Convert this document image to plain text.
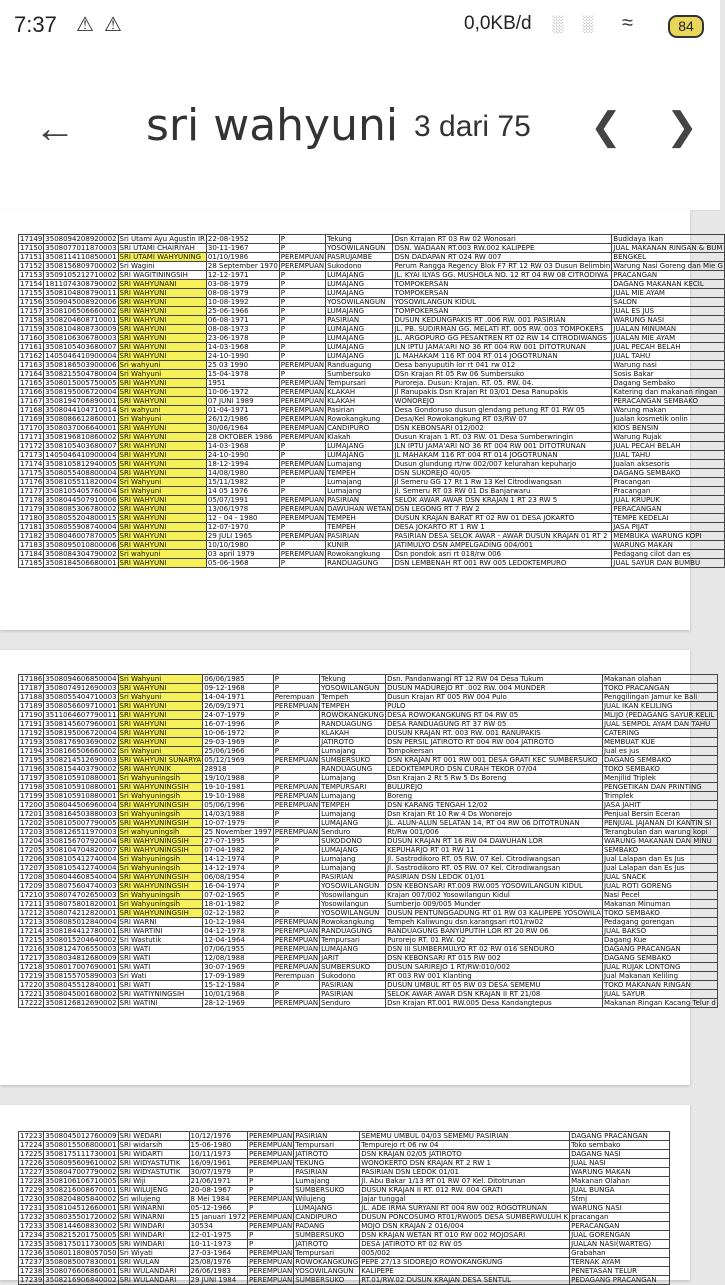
7:37 ⚠ ⚠	0,0KB/d ░ ░ ≈	84
← sri wahyuni 3 dari 75 ❮ ❯
17149	3508094208920002	Sri Utami Ayu Agustin IR	22-08-1952	P	Tekung	Dsn Krrajan RT 03 Rw 02 Wonosari	Budidaya Ikan
17150	3508077011870003	SRI UTAMI CHAIRIYAH	30-11-1967	P	YOSOWILANGUN	DSN. WADAAN RT.003 RW.002 KALIPEPE	JUAL MAKANAN RINGAN & BUM
17151	3508114110850001	SRI UTAMI WAHYUNING	01/10/1986	PEREMPUAN	PASRUJAMBE	DSN DADAPAN RT 024 RW 007	BENGKEL
17152	3508156809700002	Sri Wagini	28 September 1970	PEREMPUAN	Sukodono	Perum Rangga Regency Blok F7 RT 12 RW 03 Dusun Belimbin	Warung Nasi Goreng dan Mie G
17153	3509105212710002	SRI WAGITININGSIH	12-12-1971	P	LUMAJANG	JL. KYAI ILYAS GG. MUSHOLA NO. 12 RT 04 RW 08 CITRODIWA	PRACANGAN
17154	1811074308790002	SRI WAHYUNANI	03-08-1979	P	LUMAJANG	TOMPOKERSAN	DAGANG MAKANAN KECIL
17155	3508104808790011	SRI WAHYUNI	08-08-1979	P	LUMAJANG	TOMPOKERSAN	JUAL MIE AYAM
17156	3509045008920006	SRI WAHYUNI	10-08-1992	P	YOSOWILANGUN	YOSOWILANGUN KIDUL	SALON
17157	3508106506660002	SRI WAHYUNI	25-06-1966	P	LUMAJANG	TOMPOKERSAN	JUAL ES JUS
17158	3508204608710001	SRI WAHYUNI	06-08-1971	P	PASIRIAN	DUSUN KEDUNGPAKIS RT .006 RW. 001 PASIRIAN	WARUNG NASI
17159	3508104808730009	SRI WAHYUNI	08-08-1973	P	LUMAJANG	JL. PB. SUDIRMAN GG. MELATI RT. 005 RW. 003 TOMPOKERS	JUALAN MINUMAN
17160	3508106306780003	SRI WAHYUNI	23-06-1978	P	LUMAJANG	JL. ARGOPURO GG PESANTREN RT 02 RW 14 CITRODIWANGS	JUALAN MIE AYAM
17161	3508105403680007	SRI WAHYUNI	14-03-1968	P	LUMAJANG	JLN IPTU JAMA'ARI NO 36 RT 004 RW 001 DITOTRUNAN	JUAL PECAH BELAH
17162	1405046410900004	SRI WAHYUNI	24-10-1990	P	LUMAJANG	JL MAHAKAM 116 RT 004 RT 014 JOGOTRUNAN	JUAL TAHU
17163	3508186503900006	Sri wahyuni	25 03 1990	PEREMPUAN	Randuagung	Desa banyuputih lor rt 041 rw 012	Warung nasi
17164	3508215504780004	Sri Wahyuni	15-04-1978	P	Sumbersuko	DSn Krajan Rt 05 Rw 06 Sumbersuko	Sosis Bakar
17165	3508015005750005	SRI WAHYUNI	1951	PEREMPUAN	Tempursari	Puroreja. Dusun: Krajan. RT. 05. RW. 04.	Dagang Sembako
17166	3508195006720004	SRI WAHYUNI	10-06-1972	PEREMPUAN	KLAKAH	Jl Ranupakis Dsn Krajan Rt 03/01 Desa Ranupakis	Katering dan makanan ringan
17167	3508194706890001	SRI WAHYUNI	07 JUNI 1989	PEREMPUAN	KLAKAH	WONOREJO	PERACANGAN SEMBAKO
17168	3508044104710014	Sri wahyuni	01-04-1971	PEREMPUAN	Pasirian	Desa Gondoruso dusun glendang petung RT 01 RW 05	Warung makan
17169	3508086612860001	Sri Wahyuni	26/12/1986	PEREMPUAN	Rowokangkung	Desa/Kel Rowokangkung RT 03/RW 07	Jualan kosmetik onlin
17170	3508037006640001	SRI WAHYUNI	30/06/1964	PEREMPUAN	CANDIPURO	DSN KEBONSARI 012/002	KIOS BENSIN
17171	3508196810860002	SRI WAHYUNI	28 OKTOBER 1986	PEREMPUAN	Klakah	Dusun Krajan 1 RT. 03 RW. 01 Desa Sumberwringin	Warung Rujak
17172	3508105403680007	SRI WAHYUNI	14-03-1968	P	LUMAJANG	JLN IPTU JAMA'ARI NO 36 RT 004 RW 001 DITOTRUNAN	JUAL PECAH BELAH
17173	1405046410900004	SRI WAHYUNI	24-10-1990	P	LUMAJANG	JL MAHAKAM 116 RT 004 RT 014 JOGOTRUNAN	JUAL TAHU
17174	3508105812940005	SRI WAHYUNI	18-12-1994	PEREMPUAN	Lumajang	Dusun glundung rt/rw 002/007 kelurahan kepuharjo	Jualan aksesoris
17175	3508055408800004	SRI WAHYUNI	14/08/1980	PEREMPUAN	TEMPEH	DSN SUKOREJO 40/05	DAGANG SEMBAKO
17176	3508105511820004	Sri Wahyuni	15/11/1982	P	Lumajang	Jl Semeru GG 17 Rt 1 Rw 13 Kel Citrodiwangsan	Pracangan
17177	3508105405760004	Sri Wahyuni	14 05 1976	P	Lumajang	Jl. Semeru RT 03 RW 01 Ds Banjarwaru	Pracangan
17178	3508044507910006	SRI WAHYUNI	05/07/1991	PEREMPUAN	PASIRIAN	SELOK AWAR AWAR DSN KRAJAN 1 RT 23 RW 5	JUAL KRUPUK
17179	3508085306780002	SRI WAHYUNI	13/06/1978	PEREMPUAN	DAWUHAN WETAN	DSN LEGONG RT 7 RW 2	PERACANGAN
17180	3508055204800015	SRI WAHYUNI	12 - 04 - 1980	PEREMPUAN	TEMPEH	DUSUN KRAJAN BARAT RT 02 RW 01 DESA JOKARTO	TEMPE KEDELAI
17181	3508055908740004	SRI WAHYUNI	12-07-1970	P	TEMPEH	DESA JOKARTO RT 1 RW 1	JASA PIJAT
17182	3508046007870005	SRI WAHYUNI	29 JULI 1965	PEREMPUAN	PASIRIAN	PASIRIAN DESA SELOK AWAR - AWAR DUSUN KRAJAN 01 RT 2	MEMBUKA WARUNG KOPI
17183	3508095010800006	SRI WAHYUNI	10/10/1980	P	KUNIR	JATIMULYO DSN AMPELGADING 004/001	WARUNG MAKAN
17184	3508084304790002	Sri wahyuni	03 april 1979	PEREMPUAN	Rowokangkung	Dsn pondok asri rt 018/rw 006	Pedagang cilot dan es
17185	3508184506680001	SRI WAHYUNI	05-06-1968	P	RANDUAGUNG	DSN LEMBENAH RT 001 RW 005 LEDOKTEMPURO	JUAL SAYUR DAN BUMBU
17186	3508094606850004	Sri Wahyuni	06/06/1985	P	Tekung	Dsn. Pandanwangi RT 12 RW 04 Desa Tukum	Makanan olahan
17187	3508074912690003	SRI WAHYUNI	09-12-1968	P	YOSOWILANGUN	DUSUN MADUREJO RT .002 RW. 004 MUNDER	TOKO PRACANGAN
17188	3508055404710003	Sri Wahyuni	14-04-1971	Perempuan	Tempeh	Dusun Krajan RT 005 RW 004 Pulo	Penggilingan Jamur ke Bali
17189	3508056609710001	SRI WAHYUNI	26/09/1971	PEREMPUAN	TEMPEH	PULO	JUAL IKAN KELILING
17190	3511064607790011	SRI WAHYUNI	24-07-1979	P	ROWOKANGKUNG	DESA ROWOKANGKUNG RT 04 RW 05	MLIJO (PEDAGANG SAYUR KELIL
17191	3508145607960001	SRI WAHYUNI	16-07-1996	P	RANDUAGUNG	DESA RANDUAGUNG RT 37 RW 05	JUAL SEMPOL AYAM DAN TAHU
17192	3508195006720004	SRI WAHYUNI	10-06-1972	P	KLAKAH	DUSUN KRAJAN RT. 003 RW. 001 RANUPAKIS	CATERING
17193	3508176903690002	SRI WAHYUNI	29-03-1969	P	JATIROTO	DSN PERSIL JATIROTO RT 004 RW 004 JATIROTO	MEMBUAT KUE
17194	3508166506660002	Sri Wahyuni	25/06/1966	P	Lumajang	Tompokersan	Jual es jus
17195	3508214512690003	SRI WAHYUNI SUNARYA	05/12/1969	PEREMPUAN	SUMBERSUKO	DSN KRAJAN RT 001 RW 001 DESA GRATI KEC SUMBERSUKO	DAGANG SEMBAKO
17196	3508154403790002	SRI WAHYUNIK	28918	P	RANDUAGUNG	LEDOKTEMPURO DSN CURAH TEKOR 07/04	TOKO SEMBAKO
17197	3508105910880001	Sri Wahyuningsih	19/10/1988	P	Lumajang	Dsn Krajan 2 Rt 5 Rw 5 Ds Boreng	Menjilid Triplek
17198	3508105910880001	SRI WAHYUNINGSIH	19-10-1981	PEREMPUAN	TEMPURSARI	BULUREJO	PENGETIKAN DAN PRINTING
17199	3508105910880001	Sri Wahyuningsih	19-10-1988	PEREMPUAN	Lumajang	Boreng	Trimplek
17200	3508044506960004	SRI WAHYUNINGSIH	05/06/1996	PEREMPUAN	TEMPEH	DSN KARANG TENGAH 12/02	JASA JAHIT
17201	3508164503880003	Sri Wahyuningsih	14/03/1988	P	Lumajang	Dsn Krajan Rt 10 Rw 4 Ds Wonorejo	Penjual Bersin Eceran
17202	3508105007790005	SRI WAHYUNINGSIH	10-07-1979	P	LUMAJANG	JL. ALUN-ALUN SELATAN 14, RT 04 RW 06 DITOTRUNAN	PENJUAL JAJANAN DI KANTIN SI
17203	3508126511970003	Sri wahyuningsih	25 November 1997	PEREMPUAN	Senduro	Rt/Rw 001/006	Terangbulan dan warung kopi
17204	3508156707920004	SRI WAHYUNINGSIH	27-07-1995	P	SUKODONO	DUSUN KRAJAN RT 16 RW 04 DAWUHAN LOR	WARUNG MAKANAN DAN MINU
17205	3508104704820007	SRI WAHYUNINGSIH	07-04-1982	P	LUMAJANG	KEPUHARJO RT 01 RW 11	SEMBAKO
17206	3508105412740004	Sri Wahyuningsih	14-12-1974	P	Lumajang	Jl. Sastrodikoro RT. 05 RW. 07 Kel. Citrodiwangsan	Jual Lalapan dan Es Jus
17207	3508105412740004	Sri Wahyuningsih	14-12-1974	P	Lumajang	Jl. Sastrodikoro RT. 05 RW. 07 Kel. Citrodiwangsan	Jual Lalapan dan Es Jus
17208	3508044608540004	SRI WAHYUNINGSIH	06/08/1954	P	PASIRIAN	PASIRIAN DSN LEDOK 01/01	JUAL SNACK
17209	3508075604740003	SRI WAHYUNINGSIH	16-04-1974	P	YOSOWILANGUN	DSN KEBONSARI RT.009 RW.005 YOSOWILANGUN KIDUL	JUAL ROTI GORENG
17210	3508074702650003	Sri Wahyuningsih	07-02-1965	P	Yosowilangun	Krajan 007/002 Yosowilangun Kidul	Nasi Pecel
17211	3508075801820001	Sri Wahyuningsih	18-01-1982	P	Yosowilangun	Sumberjo 009/005 Munder	Makanan Minuman
17212	3508074212820001	SRI WAHYUNINGSIH	02-12-1982	P	YOSOWILANGUN	DUSUN PENTUNGGADUNG RT 01 RW 03 KALIPEPE YOSOWILA	TOKO SEMBAKO
17213	3508085012840004	SRI WARNI	10-12-1984	PEREMPUAN	Rowokangkung	Tempeh Kaliwungu dsn.karangsari rt01/rw02	Pedagang gorengan
17214	3508184412780001	SRI WARTINI	04-12-1978	PEREMPUAN	RANDUAGUNG	RANDUAGUNG BANYUPUTIH LOR RT 20 RW 06	JUAL BAKSO
17215	3508015204640002	Sri Wastutik	12-04-1964	PEREMPUAN	Tempursari	Purorejo RT. 01 RW. 02	Dagang Kue
17216	3508124706550003	SRI WATI	07/06/1955	PEREMPUAN	LUMAJANG	DSN III SUMBERMULYO RT 02 RW 016 SENDURO	DAGANG PRACANGAN
17217	3508034812680009	SRI WATI	12/08/1988	PEREMPUAN	JARIT	DSN KEBONSARI RT 015 RW 002	DAGANG SEMBAKO
17218	3508017007690001	SRI WATI	30-07-1969	PEREMPUAN	SUMBERSUKO	DUSUN SARIREJO 1 RT/RW:010/002	JUAL RUJAK LONTONG
17219	3508155705890003	Sri Wati	17-09-1989	Perempuan	Sukodono	RT 003 RW 001 Klanting	Jual Makanan Keliling
17220	3508045512840001	SRI WATI	15-12-1984	P	PASIRIAN	DUSUN UMBUL RT 05 RW 03 DESA SEMEMU	TOKO MAKANAN RINGAN
17221	3508045001680002	SRI WATIYNINGSIH	10/01/1968	P	PASIRIAN	SELOK AWAR AWAR DSN KRAJAN II RT 21/08	JUAL SAYUR
17222	3508126812690002	SRI WATINI	28-12-1969	PEREMPUAN	Senduro	Dsn Krajan RT.001 RW.005 Desa Kandangtepus	Makanan Ringan Kacang Telur d
17223	3508045012760009	SRI WEDARI	10/12/1976	PEREMPUAN	PASIRIAN	SEMEMU UMBUL 04/03 SEMEMU PASIRIAN	DAGANG PRACANGAN
17224	3508015506800001	SRI widarsih	15-06-1980	PEREMPUAN	Tempursari	Tempurejo rt 06 rw 04	Toko sembako
17225	3508175111730001	SRI WIDARTI	10/11/1973	PEREMPUAN	JATIROTO	DSN KRAJAN 02/05 JATIROTO	DAGANG NASI
17226	3508095609610002	SRI WIDYASTUTIK	16/09/1961	PEREMPUAN	TEKUNG	WONOKERTO DSN KRAJAN RT 2 RW 1	JUAL NASI
17227	3508047007790002	SRI WIDYASTUTIK	30/07/1979	P	PASIRIAN	PASIRIAN DSN LEDOK 01/01	WARUNG MAKAN
17228	3508106106710005	SRI Wiji	21/06/1971	P	Lumajang	Jl. Abu Bakar 1/13 RT 01 RW 07 Kel. Ditotrunan	Makanan Olahan
17229	3508216008670001	SRI WILUJENG	20-08-1967	P	SUMBERSUKO	DUSUN KRAJAN II RT. 012 RW. 004 GRATI	JUAL BUNGA
17230	3508204805840002	Sri wilujeng	8 Mei 1984	PEREMPUAN	Wilujeng	Jajar tunggal	Stmj
17231	3508104512660001	SRI WINARNI	05-12-1966	P	LUMAJANG	JL. ADE IRMA SURYANI RT 004 RW 002 ROGOTRUNAN	WARUNG NASI
17232	3508035501720002	SRI WINARNI	15 januari 1972	PEREMPUAN	CANDIPURO	DUSUN PONCOSUMO RT01/RW005 DESA SUMBERWULUH K	pracangan
17233	3508144608830002	SRI WINDARI	30534	PEREMPUAN	PADANG	MOJO DSN KRAJAN 2 016/004	PERACANGAN
17234	3508215201750005	SRI WINDARI	12-01-1975	P	SUMBERSUKO	DSN KRAJAN WETAN RT 010 RW 002 MOJOSARI	JUAL GORENGAN
17235	3508175011730005	SRI WINDARI	10-11-1973	P	JATIROTO	DESA JATIROTO RT 02 RW 05	JUALAN NASI(WARTEG)
17236	3508011808057050	Sri Wiyati	27-03-1964	PEREMPUAN	Tempursari	005/002	Grabahan
17237	3508085007830001	SRI WULAN	25/08/1976	PEREMPUAN	ROWOKANGKUNG	PEPE 27/13 SIDOREJO ROWOKANGKUNG	TERNAK AYAM
17238	3508076606860001	SRI WULANDARI	26/06/1983	PEREMPUAN	YOSOWILANGUN	KALIPEPE	PENETASAN TELUR
17239	3508216906840002	SRI WULANDARI	29 JUNI 1984	PEREMPUAN	SUMBERSUKO	RT.01/RW.02 DUSUN KRAJAN DESA SENTUL	PEDAGANG PRACANGAN
